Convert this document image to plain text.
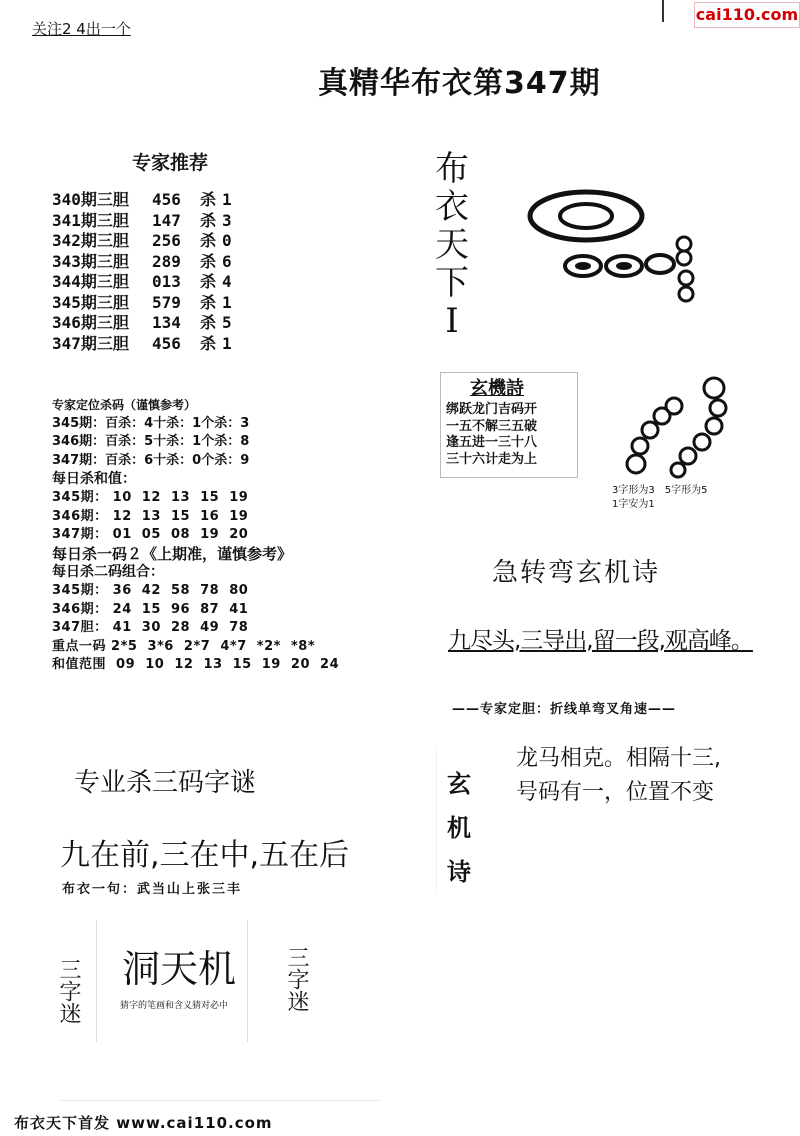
关注2 4出一个
cai110.com
真精华布衣第347期
专家推荐
340期三胆 456 杀 1
341期三胆 147 杀 3
342期三胆 256 杀 0
343期三胆 289 杀 6
344期三胆 013 杀 4
345期三胆 579 杀 1
346期三胆 134 杀 5
347期三胆 456 杀 1
专家定位杀码（谨慎参考）
345期：百杀：4十杀：1个杀：3
346期：百杀：5十杀：1个杀：8
347期：百杀：6十杀：0个杀：9
每日杀和值：
345期： 10  12  13  15  19
346期： 12  13  15  16  19
347期： 01  05  08  19  20
每日杀一码２《上期准，谨慎参考》
每日杀二码组合：
345期： 36  42  58  78  80
346期： 24  15  96  87  41
347胆： 41  30  28  49  78
重点一码 2*5  3*6  2*7  4*7  *2*  *8*
和值范围  09  10  12  13  15  19  20  24
专业杀三码字谜
九在前,三在中,五在后
布衣一句：武当山上张三丰
洞天机
猜字的笔画和含义猜对必中
三字迷	三字迷
布衣天下I
玄機詩
绑跃龙门吉码开
一五不解三五破
逢五进一三十八
三十六计走为上
3字形为3　5字形为5
1字安为1
急转弯玄机诗
九尽头,三导出,留一段,观高峰。
——专家定胆：折线单弯叉角速——
玄机诗
龙马相克。相隔十三,
号码有一，位置不变
布衣天下首发 www.cai110.com
